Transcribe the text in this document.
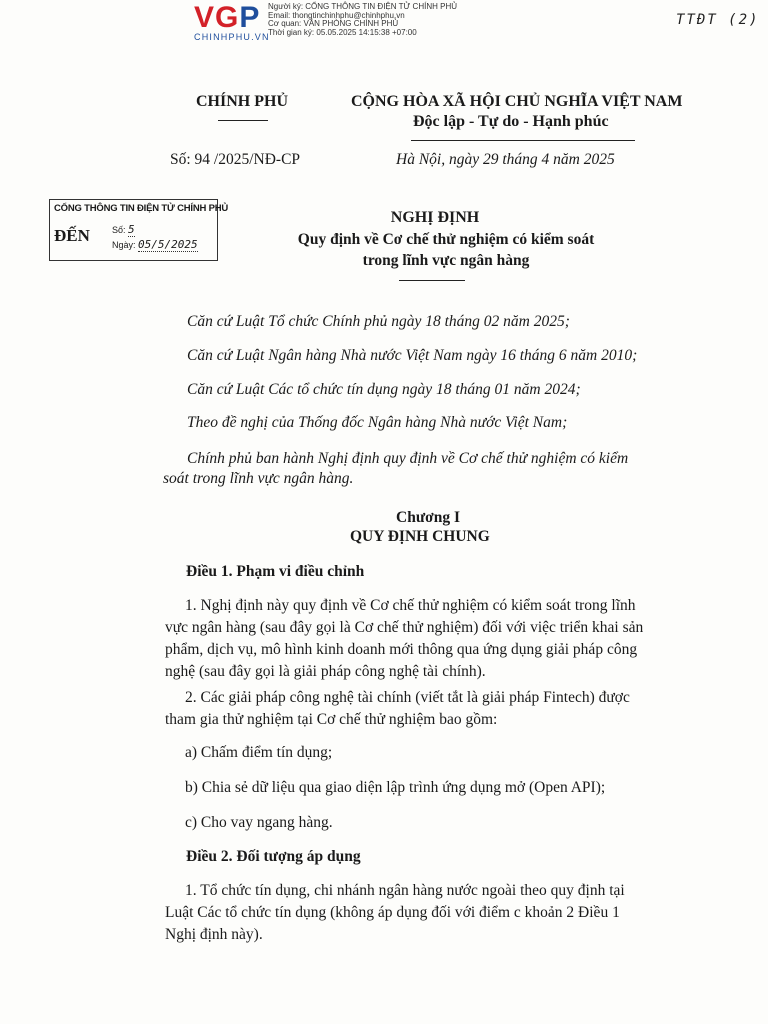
VGP
CHINHPHU.VN
Người ký: CỔNG THÔNG TIN ĐIỆN TỬ CHÍNH PHỦ
Email: thongtinchinhphu@chinhphu.vn
Cơ quan: VĂN PHÒNG CHÍNH PHỦ
Thời gian ký: 05.05.2025 14:15:38 +07:00
TTĐT (2)
CHÍNH PHỦ	CỘNG HÒA XÃ HỘI CHỦ NGHĨA VIỆT NAM
Độc lập - Tự do - Hạnh phúc
Số: 94 /2025/NĐ-CP	Hà Nội, ngày 29 tháng 4 năm 2025
CỔNG THÔNG TIN ĐIỆN TỬ CHÍNH PHỦ
ĐẾN Số: 5
Ngày: 05/5/2025
NGHỊ ĐỊNH
Quy định về Cơ chế thử nghiệm có kiểm soát
trong lĩnh vực ngân hàng
Căn cứ Luật Tổ chức Chính phủ ngày 18 tháng 02 năm 2025;
Căn cứ Luật Ngân hàng Nhà nước Việt Nam ngày 16 tháng 6 năm 2010;
Căn cứ Luật Các tổ chức tín dụng ngày 18 tháng 01 năm 2024;
Theo đề nghị của Thống đốc Ngân hàng Nhà nước Việt Nam;
Chính phủ ban hành Nghị định quy định về Cơ chế thử nghiệm có kiểm
soát trong lĩnh vực ngân hàng.
Chương I
QUY ĐỊNH CHUNG
Điều 1. Phạm vi điều chỉnh
1. Nghị định này quy định về Cơ chế thử nghiệm có kiểm soát trong lĩnh
vực ngân hàng (sau đây gọi là Cơ chế thử nghiệm) đối với việc triển khai sản
phẩm, dịch vụ, mô hình kinh doanh mới thông qua ứng dụng giải pháp công
nghệ (sau đây gọi là giải pháp công nghệ tài chính).
2. Các giải pháp công nghệ tài chính (viết tắt là giải pháp Fintech) được
tham gia thử nghiệm tại Cơ chế thử nghiệm bao gồm:
a) Chấm điểm tín dụng;
b) Chia sẻ dữ liệu qua giao diện lập trình ứng dụng mở (Open API);
c) Cho vay ngang hàng.
Điều 2. Đối tượng áp dụng
1. Tổ chức tín dụng, chi nhánh ngân hàng nước ngoài theo quy định tại
Luật Các tổ chức tín dụng (không áp dụng đối với điểm c khoản 2 Điều 1
Nghị định này).
